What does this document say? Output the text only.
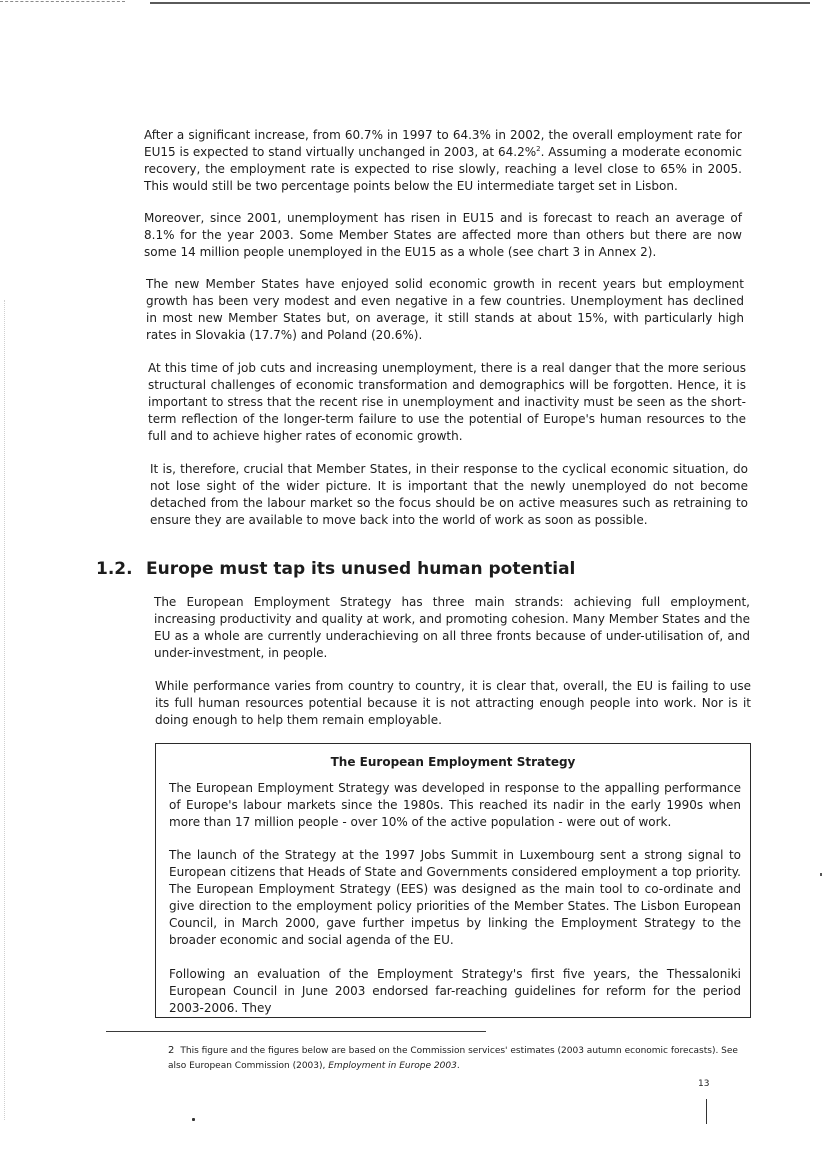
After a significant increase, from 60.7% in 1997 to 64.3% in 2002, the overall employment rate for EU15 is expected to stand virtually unchanged in 2003, at 64.2%$^2$. Assuming a moderate economic recovery, the employment rate is expected to rise slowly, reaching a level close to 65% in 2005. This would still be two percentage points below the EU intermediate target set in Lisbon.

Moreover, since 2001, unemployment has risen in EU15 and is forecast to reach an average of 8.1% for the year 2003. Some Member States are affected more than others but there are now some 14 million people unemployed in the EU15 as a whole (see chart 3 in Annex 2).

The new Member States have enjoyed solid economic growth in recent years but employment growth has been very modest and even negative in a few countries. Unemployment has declined in most new Member States but, on average, it still stands at about 15%, with particularly high rates in Slovakia (17.7%) and Poland (20.6%).

At this time of job cuts and increasing unemployment, there is a real danger that the more serious structural challenges of economic transformation and demographics will be forgotten. Hence, it is important to stress that the recent rise in unemployment and inactivity must be seen as the short-term reflection of the longer-term failure to use the potential of Europe's human resources to the full and to achieve higher rates of economic growth.

It is, therefore, crucial that Member States, in their response to the cyclical economic situation, do not lose sight of the wider picture. It is important that the newly unemployed do not become detached from the labour market so the focus should be on active measures such as retraining to ensure they are available to move back into the world of work as soon as possible.

1.2. Europe must tap its unused human potential

The European Employment Strategy has three main strands: achieving full employment, increasing productivity and quality at work, and promoting cohesion. Many Member States and the EU as a whole are currently underachieving on all three fronts because of under-utilisation of, and under-investment, in people.

While performance varies from country to country, it is clear that, overall, the EU is failing to use its full human resources potential because it is not attracting enough people into work. Nor is it doing enough to help them remain employable.

The European Employment Strategy

The European Employment Strategy was developed in response to the appalling performance of Europe's labour markets since the 1980s. This reached its nadir in the early 1990s when more than 17 million people - over 10% of the active population - were out of work.

The launch of the Strategy at the 1997 Jobs Summit in Luxembourg sent a strong signal to European citizens that Heads of State and Governments considered employment a top priority. The European Employment Strategy (EES) was designed as the main tool to co-ordinate and give direction to the employment policy priorities of the Member States. The Lisbon European Council, in March 2000, gave further impetus by linking the Employment Strategy to the broader economic and social agenda of the EU.

Following an evaluation of the Employment Strategy's first five years, the Thessaloniki European Council in June 2003 endorsed far-reaching guidelines for reform for the period 2003-2006. They

2 This figure and the figures below are based on the Commission services' estimates (2003 autumn economic forecasts). See also European Commission (2003), Employment in Europe 2003.

13
